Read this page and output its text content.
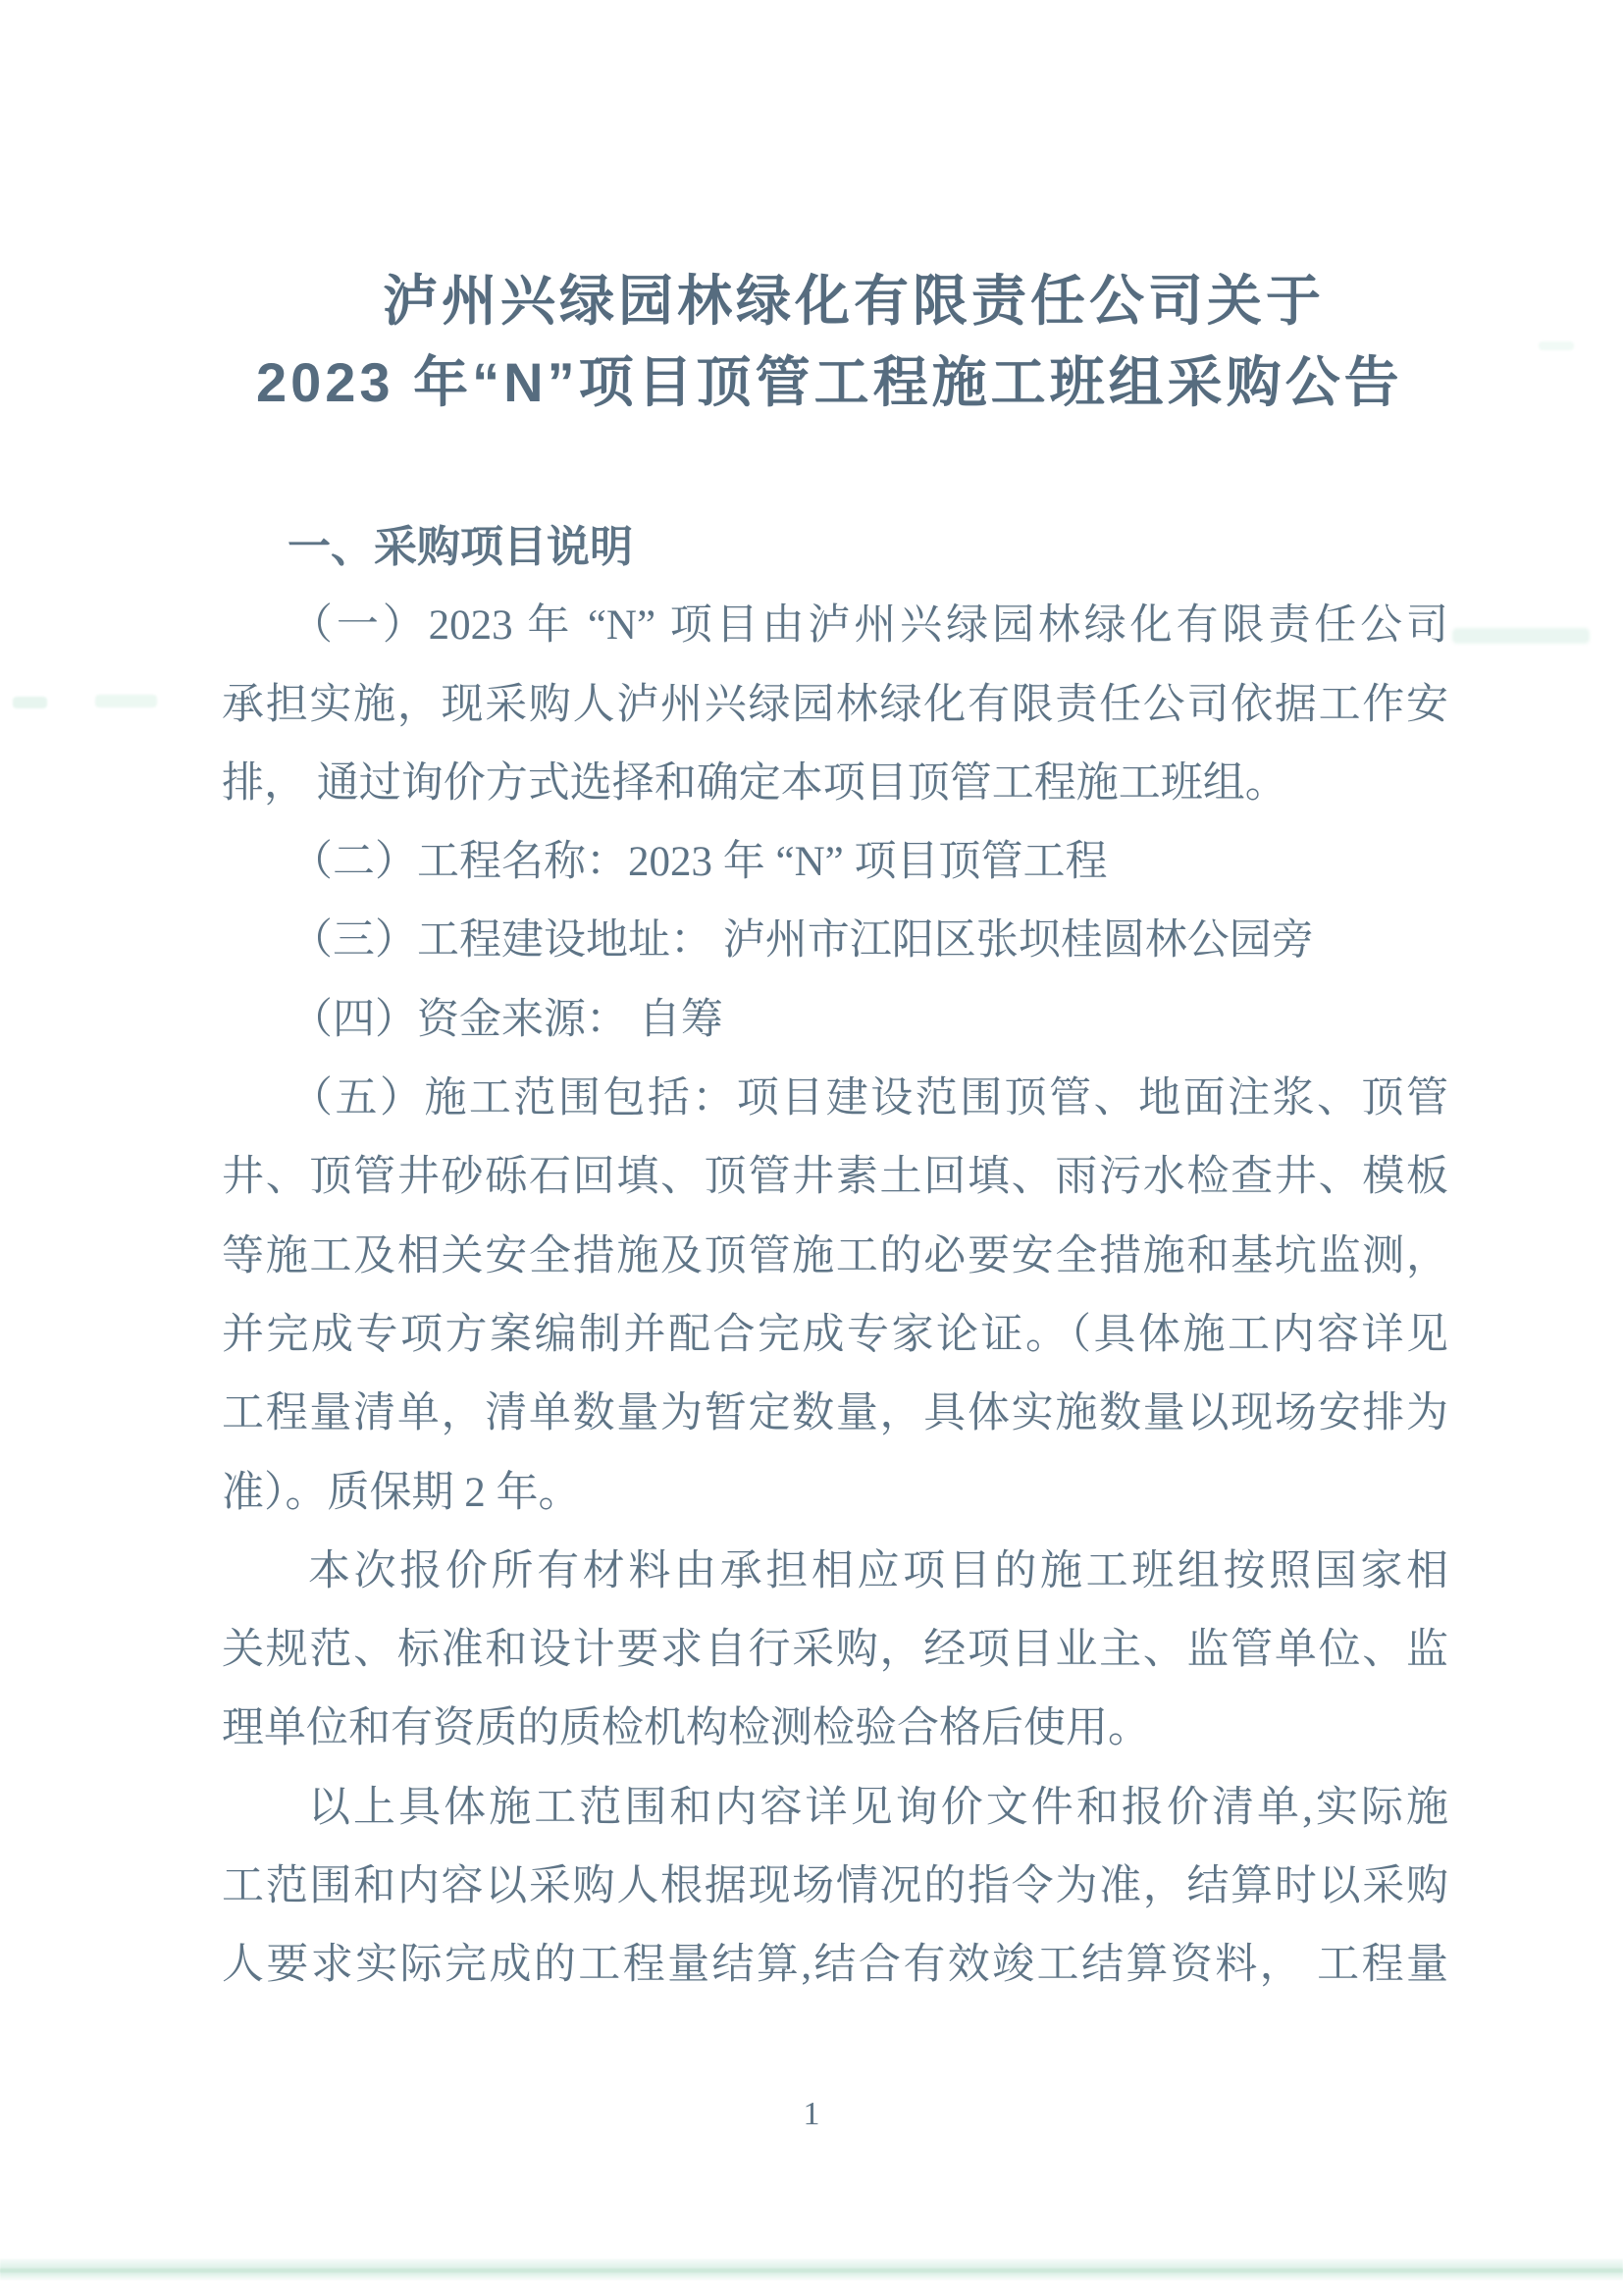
泸州兴绿园林绿化有限责任公司关于
2023 年“N”项目顶管工程施工班组采购公告
一、采购项目说明
（一）2023 年 “N” 项目由泸州兴绿园林绿化有限责任公司
承担实施，现采购人泸州兴绿园林绿化有限责任公司依据工作安
排， 通过询价方式选择和确定本项目顶管工程施工班组。
（二）工程名称：2023 年 “N” 项目顶管工程
（三）工程建设地址： 泸州市江阳区张坝桂圆林公园旁
（四）资金来源： 自筹
（五）施工范围包括：项目建设范围顶管、地面注浆、顶管
井、顶管井砂砾石回填、顶管井素土回填、雨污水检查井、模板
等施工及相关安全措施及顶管施工的必要安全措施和基坑监测，
并完成专项方案编制并配合完成专家论证。（具体施工内容详见
工程量清单，清单数量为暂定数量，具体实施数量以现场安排为
准）。质保期 2 年。
本次报价所有材料由承担相应项目的施工班组按照国家相
关规范、标准和设计要求自行采购，经项目业主、监管单位、监
理单位和有资质的质检机构检测检验合格后使用。
以上具体施工范围和内容详见询价文件和报价清单,实际施
工范围和内容以采购人根据现场情况的指令为准，结算时以采购
人要求实际完成的工程量结算,结合有效竣工结算资料， 工程量
1
